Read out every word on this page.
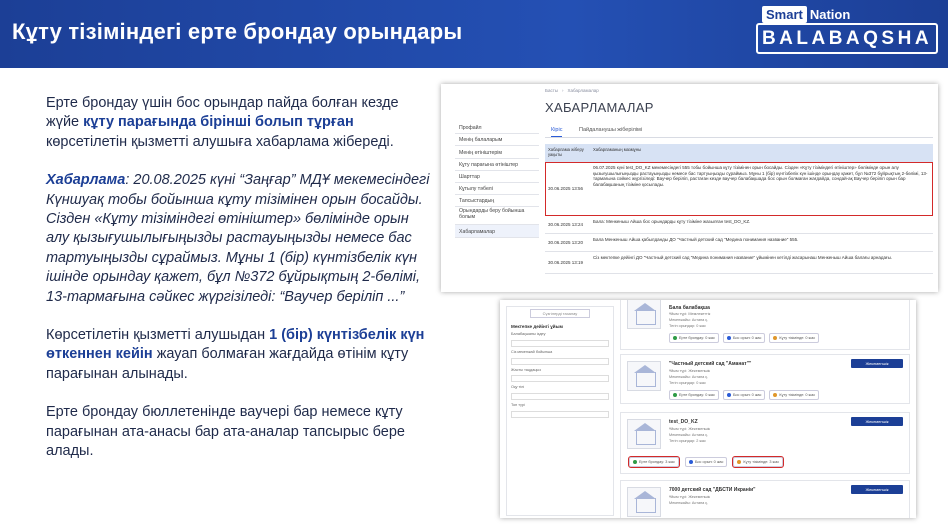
Кұту тізіміндегі ерте брондау орындары
Smart Nation
BALABAQSHA

Ерте брондау үшін бос орындар пайда болған кезде жүйе кұту парағында бірінші болып тұрған көрсетілетін қызметті алушыға хабарлама жібереді.

Хабарлама: 20.08.2025 күні “Заңғар” МДҰ мекемесіндегі Күншуақ тобы бойынша кұту тізімінен орын босайды. Сізден «Кұту тізіміндегі өтініштер» бөлімінде орын алу қызығушылығыңызды растауыңызды немесе бас тартуыңызды сұраймыз. Мұны 1 (бір) күнтізбелік күн ішінде орындау қажет, бұл №372 бұйрықтың 2-бөлімі, 13-тармағына сәйкес жүргізіледі: “Ваучер беріліп ...”

Көрсетілетін қызметті алушыдан 1 (бір) күнтізбелік күн өткеннен кейін жауап болмаған жағдайда өтінім кұту парағынан алынады.

Ерте брондау бюллетенінде ваучері бар немесе кұту парағынан ата-анасы бар ата-аналар тапсырыс бере алады.

Басты › Хабарламалар
ХАБАРЛАМАЛАР
Профайл
Менің балаларым
Менің өтініштерім
Кұту парағына өтініштер
Шарттар
Кұтылу тәбелі
Тапсыстардың
Орындарды беру бойынша болым
Хабарламалар
Кіріс	Пайдаланушы жіберілімі
Хабарлама жіберу уақыты
Хабарламаның мазмұны
30.06.2025 13:56
06.07.2025 күні test_DO_KZ мекемесіндегі 555 тобы бойынша кұту тізімінен орын босайды. Сізден «Кұту тізіміндегі өтініштер» бөлімінде орын алу қызығушылығыңызды растауыңызды немесе бас тартуыңызды сұраймыз. Мұны 1 (бір) күнтізбелік күн ішінде орындау қажет, бұл №372 бұйрықтың 2-бөлімі, 13-тармағына сәйкес жүргізіледі: Ваучер беріліп, растаған кезде ваучер балабақшада бос орын болмаған жағдайда, сондай-ақ Ваучер беріліп орын бар балабақшаның тізіміне қосылады.
30.06.2025 13:24
Бала: Менкеныш Айша бос орындарды кұту тізіміне жазылған test_DO_KZ.
30.06.2025 13:20
Бала Менкеныш Айша қабылданды ДО "Частный детский сад "Медина понимания название" 555.
30.06.2025 13:19
Сіз мектепке дейінгі ДО "Частный детский сад "Медина понимания название" ұйымінен кетілді жасарынаш Менкеныш Айша балағы арнадағы.
Сүзгілерді тазалау
Мектепке дейінгі ұйым
Балабақшаны іздеу
Сіз мекенжай бойынша
Жасты таңдаңыз
Оқу тілі
Топ түрі
Бала балабақша
Ұйым түрі: Мемлекеттік
Мекенжайы: Астана қ.
Тегін орындар: 0 жас
Ерте брондау: 0 жас	Бос орын: 0 жас	Кұту тізімінде: 0 жас
"Частный детский сад "Аманат""	Жекеменшік
Ұйым түрі: Жекеменшік
Мекенжайы: Астана қ.
Тегін орындар: 0 жас
Ерте брондау: 0 жас	Бос орын: 0 жас	Кұту тізімінде: 0 жас
test_DO_KZ	Жекеменшік
Ұйым түрі: Жекеменшік
Мекенжайы: Астана қ.
Тегін орындар: 2 жас
Ерте брондау: 3 жас	Бос орын: 0 жас	Кұту тізімінде: 3 жас
7000 детский сад "ДБСТИ Икраніи"	Жекеменшік
Ұйым түрі: Жекеменшік
Мекенжайы: Астана қ.
